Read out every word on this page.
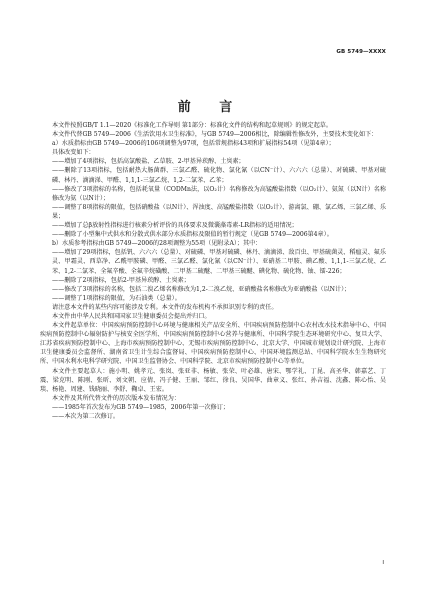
GB 5749—XXXX
前 言

本文件按照GB/T 1.1—2020《标准化工作导则 第1部分：标准化文件的结构和起草规则》的规定起草。

本文件代替GB 5749—2006《生活饮用水卫生标准》，与GB 5749—2006相比，除编辑性修改外，主要技术变化如下：

a）水质指标由GB 5749—2006的106项调整为97项，包括常规指标43项和扩展指标54项（见第4章）；

具体改变如下：

——增加了4项指标，包括高氯酸盐、乙草胺、2-甲基异莰醇、土臭素；

——删除了13项指标，包括耐热大肠菌群、三氯乙醛、硫化物、氯化氰（以CN⁻计）、六六六（总量）、对硫磷、甲基对硫磷、林丹、滴滴涕、甲醛、1,1,1-三氯乙烷、1,2-二氯苯、乙苯；

——修改了3项指标的名称，包括耗氧量（CODMn法，以O₂计）名称修改为高锰酸盐指数（以O₂计）、氨氮（以N计）名称修改为氨（以N计）；

——调整了8项指标的限值，包括硝酸盐（以N计）、浑浊度、高锰酸盐指数（以O₂计）、游离氯、硼、氯乙烯、三氯乙烯、乐果；

——增加了总β放射性指标进行核素分析评价的具体要求及微囊藻毒素-LR指标的适用情况；

——删除了小型集中式供水和分散式供水部分水质指标及限值的暂行规定（见GB 5749—2006第4章）。

b）水质参考指标由GB 5749—2006的28项调整为55项（见附录A）；其中：

——增加了29项指标，包括钒、六六六（总量）、对硫磷、甲基对硫磷、林丹、滴滴涕、敌百虫、甲基硫菌灵、稻瘟灵、氟乐灵、甲霜灵、西草净、乙酰甲胺磷、甲醛、三氯乙醛、氯化氰（以CN⁻计）、亚硝基二甲胺、碘乙酸、1,1,1-三氯乙烷、乙苯、1,2-二氯苯、全氟辛酸、全氟辛烷磺酸、二甲基二硫醚、二甲基三硫醚、碘化物、硫化物、铀、镭-226；

——删除了2项指标，包括2-甲基异莰醇、土臭素；

——修改了3项指标的名称，包括二溴乙烯名称修改为1,2-二溴乙烷、亚硝酸盐名称修改为亚硝酸盐（以N计）；

——调整了1项指标的限值，为石油类（总量）。

请注意本文件的某些内容可能涉及专利。本文件的发布机构不承担识别专利的责任。

本文件由中华人民共和国国家卫生健康委员会提出并归口。

本文件起草单位：中国疾病预防控制中心环境与健康相关产品安全所、中国疾病预防控制中心农村改水技术指导中心、中国疾病预防控制中心辐射防护与核安全医学所、中国疾病预防控制中心营养与健康所、中国科学院生态环境研究中心、复旦大学、江苏省疾病预防控制中心、上海市疾病预防控制中心、无锡市疾病预防控制中心、北京大学、中国城市规划设计研究院、上海市卫生健康委员会监督所、湖南省卫生计生综合监督局、中国疾病预防控制中心、中国环境监测总站、中国科学院水生生物研究所、中国水利水电科学研究院、中国卫生监督协会、中国科学院、北京市疾病预防控制中心等单位。

本文件主要起草人：施小明、姚孝元、张岚、张亚非、杨敏、张荣、叶必雄、唐宋、鄂学礼、丁昆、高圣华、韩嘉艺、丁震、梁克明、陈刚、张昕、刘文朝、应倩、冯子健、王丽、邹红、徐良、吴国华、曲章义、张红、孙吉福、沈鑫、陈心怡、吴琰、杨艳、周建、钱晓丽、李舒、鞠卓、王宏。

本文件及其所代替文件的历次版本发布情况为：

——1985年首次发布为GB 5749—1985，2006年第一次修订；

——本次为第二次修订。

I
